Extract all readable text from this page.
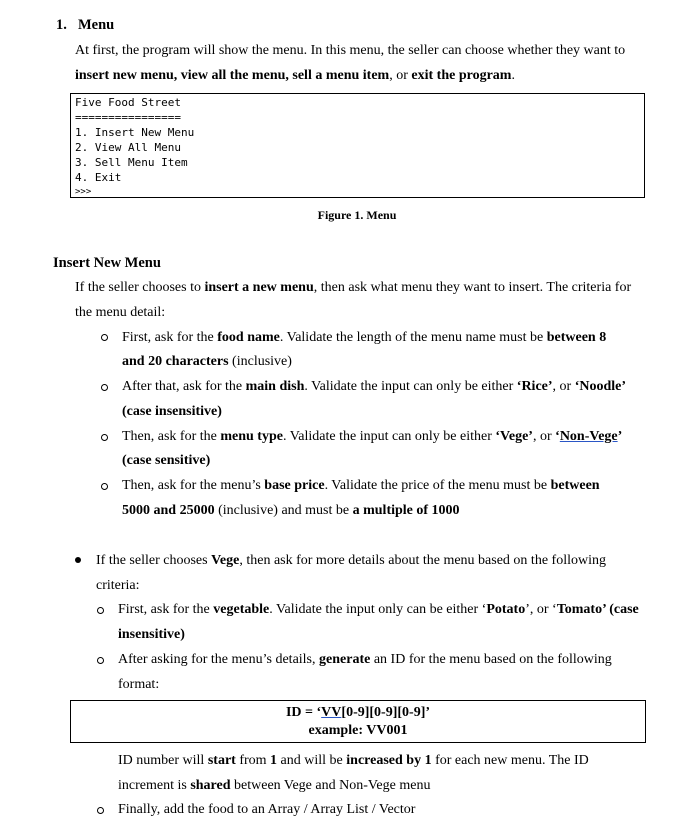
1. Menu
At first, the program will show the menu. In this menu, the seller can choose whether they want to
insert new menu, view all the menu, sell a menu item, or exit the program.
Five Food Street
================
1. Insert New Menu
2. View All Menu
3. Sell Menu Item
4. Exit
>>>
Figure 1. Menu
Insert New Menu
If the seller chooses to insert a new menu, then ask what menu they want to insert. The criteria for
the menu detail:
First, ask for the food name. Validate the length of the menu name must be between 8
and 20 characters (inclusive)
After that, ask for the main dish. Validate the input can only be either ‘Rice’, or ‘Noodle’
(case insensitive)
Then, ask for the menu type. Validate the input can only be either ‘Vege’, or ‘Non-Vege’
(case sensitive)
Then, ask for the menu’s base price. Validate the price of the menu must be between
5000 and 25000 (inclusive) and must be a multiple of 1000
If the seller chooses Vege, then ask for more details about the menu based on the following
criteria:
First, ask for the vegetable. Validate the input only can be either ‘Potato’, or ‘Tomato’ (case
insensitive)
After asking for the menu’s details, generate an ID for the menu based on the following
format:
ID = ‘VV[0-9][0-9][0-9]’
example: VV001
ID number will start from 1 and will be increased by 1 for each new menu. The ID
increment is shared between Vege and Non-Vege menu
Finally, add the food to an Array / Array List / Vector
